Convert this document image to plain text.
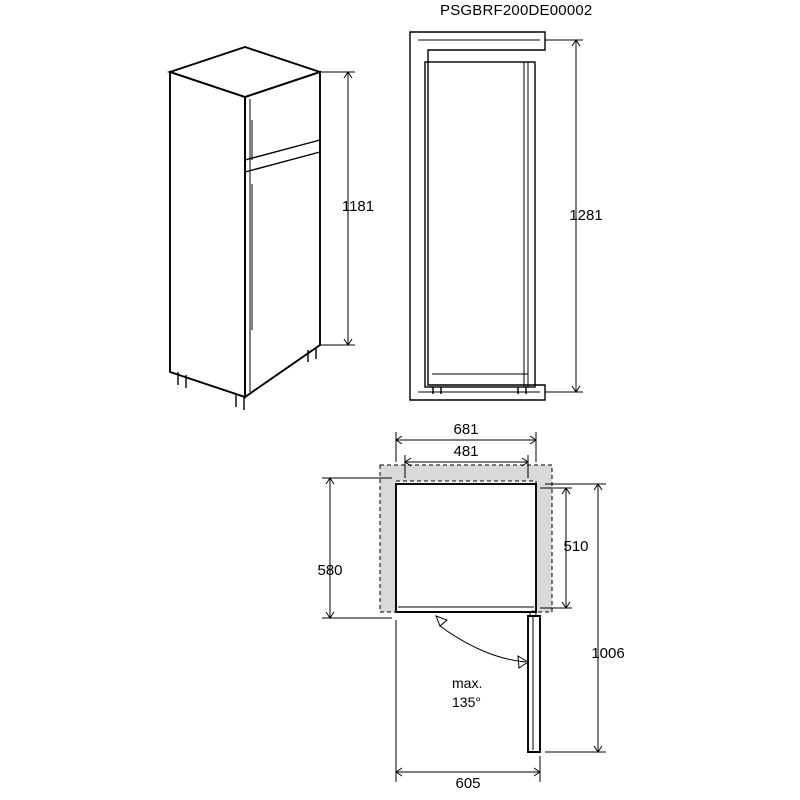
PSGBRF200DE00002
1181
1281
681
481
580
510
1006
605
max.
135°
